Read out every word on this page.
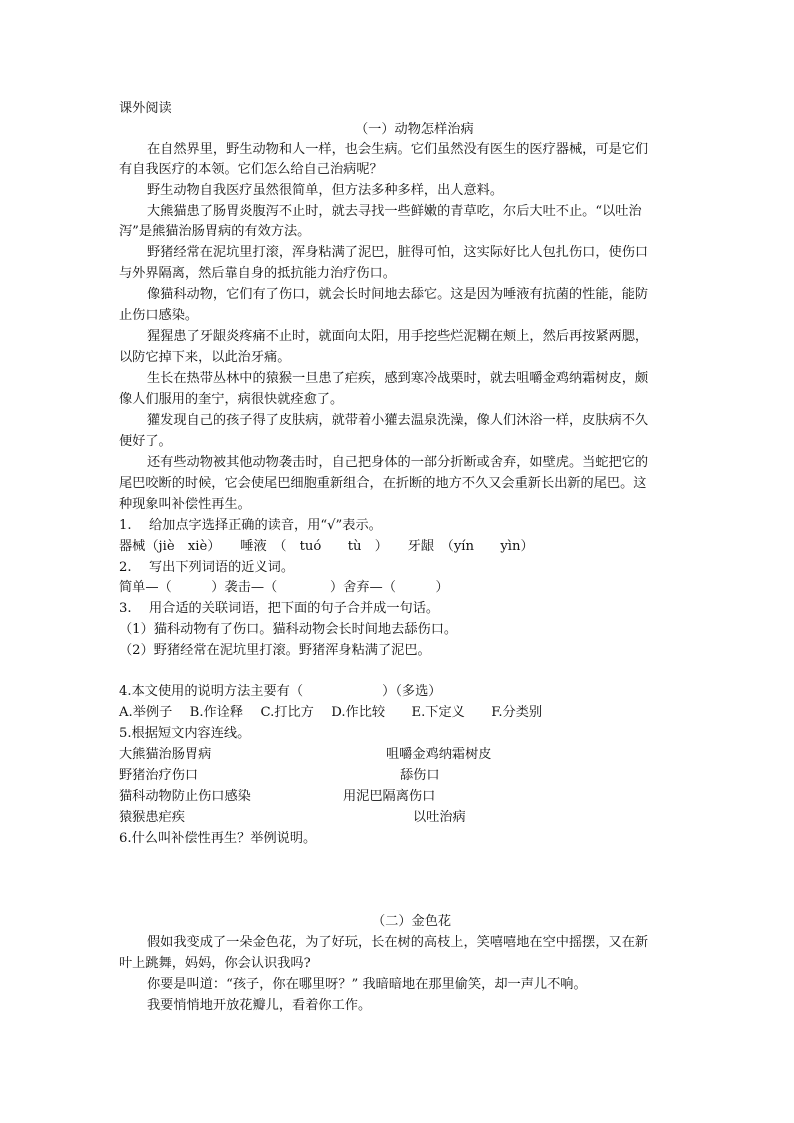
课外阅读
（一）动物怎样治病
在自然界里，野生动物和人一样，也会生病。它们虽然没有医生的医疗器械，可是它们
有自我医疗的本领。它们怎么给自己治病呢？
野生动物自我医疗虽然很简单，但方法多种多样，出人意料。
大熊猫患了肠胃炎腹泻不止时，就去寻找一些鲜嫩的青草吃，尔后大吐不止。“以吐治
泻”是熊猫治肠胃病的有效方法。
野猪经常在泥坑里打滚，浑身粘满了泥巴，脏得可怕，这实际好比人包扎伤口，使伤口
与外界隔离，然后靠自身的抵抗能力治疗伤口。
像猫科动物，它们有了伤口，就会长时间地去舔它。这是因为唾液有抗菌的性能，能防
止伤口感染。
猩猩患了牙龈炎疼痛不止时，就面向太阳，用手挖些烂泥糊在颊上，然后再按紧两腮，
以防它掉下来，以此治牙痛。
生长在热带丛林中的猿猴一旦患了疟疾，感到寒冷战栗时，就去咀嚼金鸡纳霜树皮，颇
像人们服用的奎宁，病很快就痊愈了。
獾发现自己的孩子得了皮肤病，就带着小獾去温泉洗澡，像人们沐浴一样，皮肤病不久
便好了。
还有些动物被其他动物袭击时，自己把身体的一部分折断或舍弃，如壁虎。当蛇把它的
尾巴咬断的时候，它会使尾巴细胞重新组合，在折断的地方不久又会重新长出新的尾巴。这
种现象叫补偿性再生。
1.　 给加点字选择正确的读音，用“√”表示。
器械（jiè　xiè）　　唾液　（　tuó　　tù　）　　牙龈　（yín　　yìn）
2.　 写出下列词语的近义词。
简单—（　　　）袭击—（　　　　）舍弃—（　　　）
3.　 用合适的关联词语，把下面的句子合并成一句话。
（1）猫科动物有了伤口。猫科动物会长时间地去舔伤口。
（2）野猪经常在泥坑里打滚。野猪浑身粘满了泥巴。
4.本文使用的说明方法主要有（　　　　　　）（多选）
A.举例子　 B.作诠释　 C.打比方　 D.作比较　　E.下定义　　F.分类别
5.根据短文内容连线。
大熊猫治肠胃病	咀嚼金鸡纳霜树皮
野猪治疗伤口	舔伤口
猫科动物防止伤口感染	用泥巴隔离伤口
猿猴患疟疾	以吐治病
6.什么叫补偿性再生？举例说明。
（二）金色花
假如我变成了一朵金色花，为了好玩，长在树的高枝上，笑嘻嘻地在空中摇摆，又在新
叶上跳舞，妈妈，你会认识我吗?
你要是叫道：“孩子，你在哪里呀？” 我暗暗地在那里偷笑，却一声儿不响。
我要悄悄地开放花瓣儿，看着你工作。
